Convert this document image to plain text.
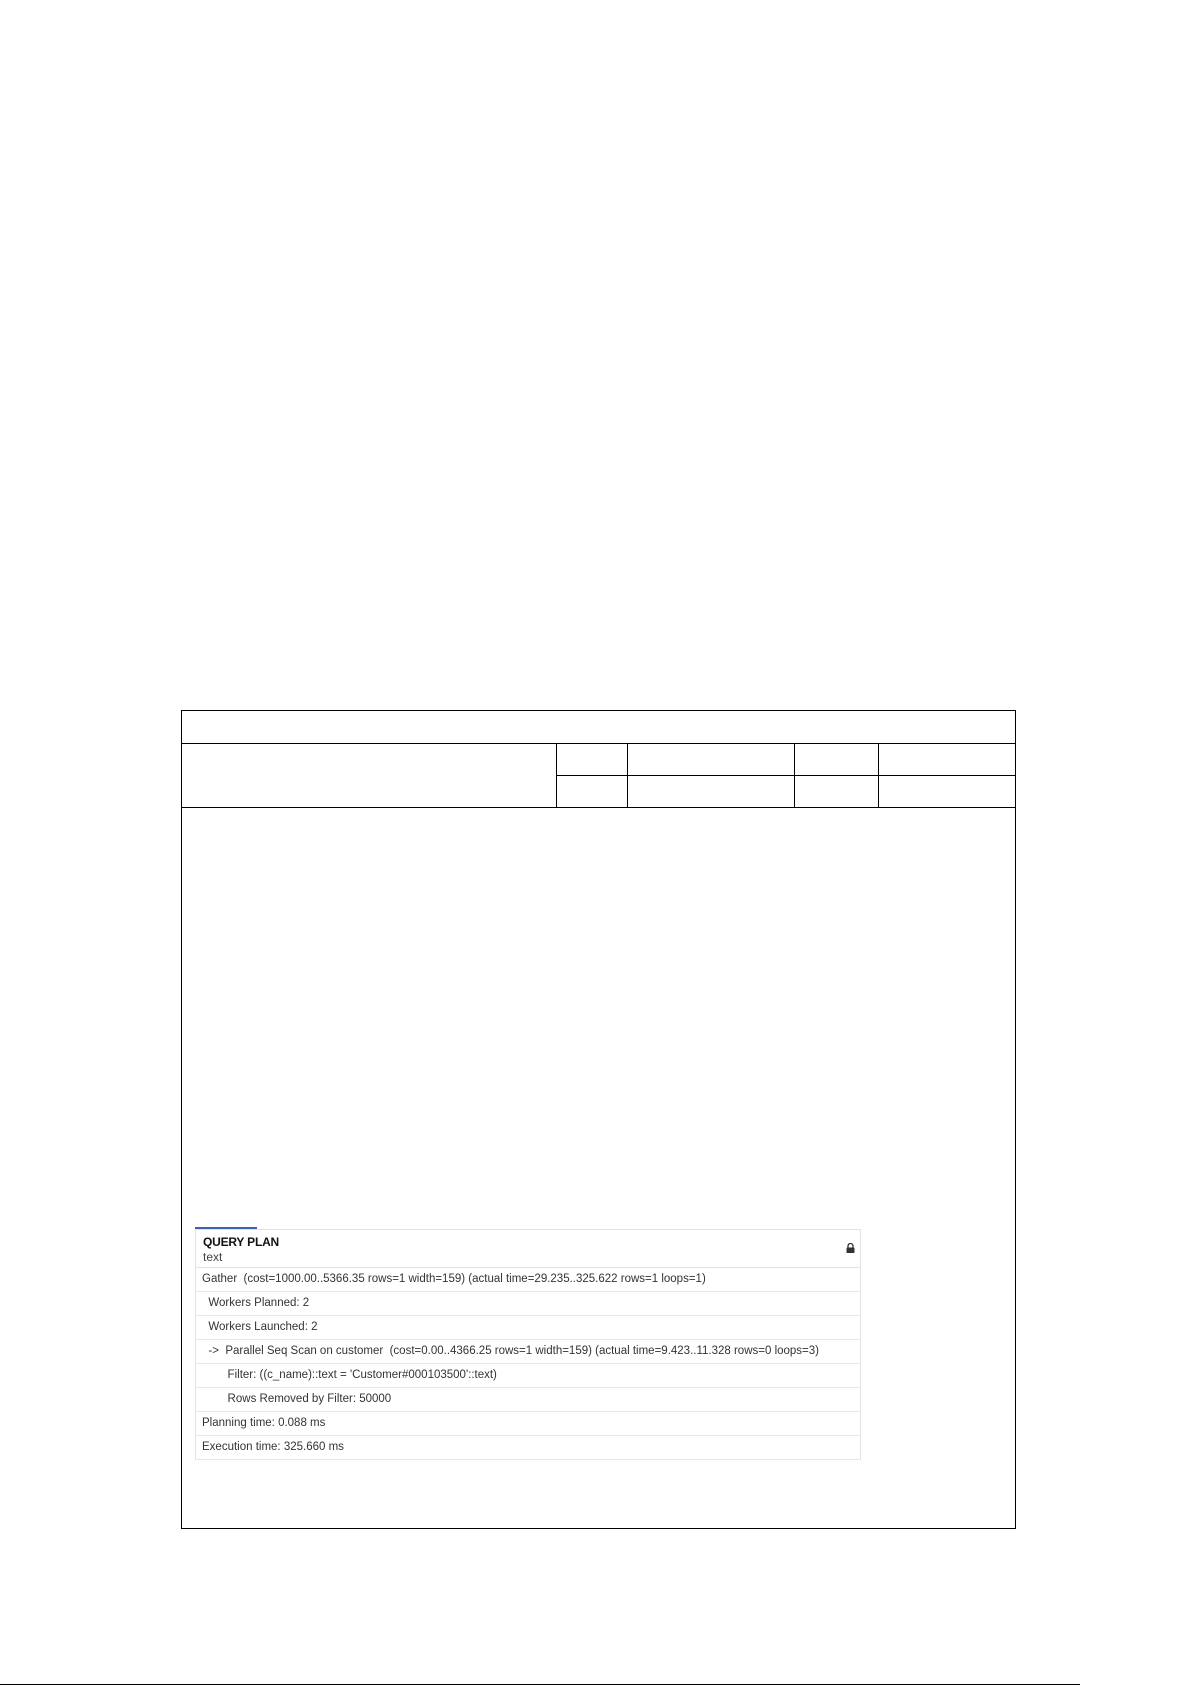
QUERY PLAN
text
Gather  (cost=1000.00..5366.35 rows=1 width=159) (actual time=29.235..325.622 rows=1 loops=1)
Workers Planned: 2
Workers Launched: 2
->  Parallel Seq Scan on customer  (cost=0.00..4366.25 rows=1 width=159) (actual time=9.423..11.328 rows=0 loops=3)
Filter: ((c_name)::text = 'Customer#000103500'::text)
Rows Removed by Filter: 50000
Planning time: 0.088 ms
Execution time: 325.660 ms
